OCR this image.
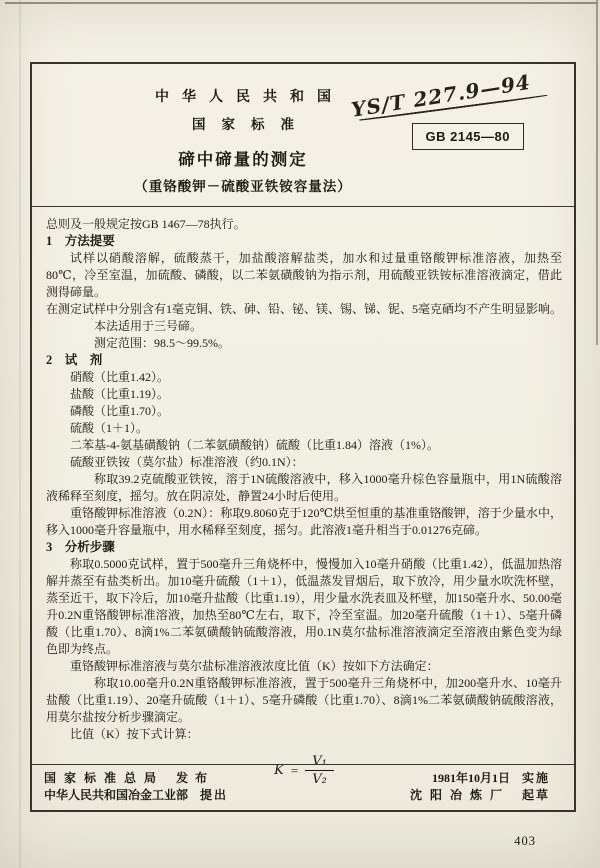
YS/T 227.9—94
GB 2145—80
中华人民共和国
国家标准
碲中碲量的测定
（重铬酸钾－硫酸亚铁铵容量法）

总则及一般规定按GB 1467—78执行。

1　方法提要

试样以硝酸溶解，硫酸蒸干，加盐酸溶解盐类，加水和过量重铬酸钾标准溶液，加热至80℃，冷至室温，加硫酸、磷酸，以二苯氨磺酸钠为指示剂，用硫酸亚铁铵标准溶液滴定，借此测得碲量。

在测定试样中分别含有1毫克铜、铁、砷、铅、铋、镁、锡、锑、铌、5毫克硒均不产生明显影响。

本法适用于三号碲。

测定范围：98.5～99.5%。

2　试　剂

硝酸（比重1.42）。

盐酸（比重1.19）。

磷酸（比重1.70）。

硫酸（1＋1）。

二苯基-4-氨基磺酸钠（二苯氨磺酸钠）硫酸（比重1.84）溶液（1%）。

硫酸亚铁铵（莫尔盐）标准溶液（约0.1N）：

称取39.2克硫酸亚铁铵，溶于1N硫酸溶液中，移入1000毫升棕色容量瓶中，用1N硫酸溶液稀释至刻度，摇匀。放在阴凉处，静置24小时后使用。

重铬酸钾标准溶液（0.2N）：称取9.8060克于120℃烘至恒重的基准重铬酸钾，溶于少量水中，移入1000毫升容量瓶中，用水稀释至刻度，摇匀。此溶液1毫升相当于0.01276克碲。

3　分析步骤

称取0.5000克试样，置于500毫升三角烧杯中，慢慢加入10毫升硝酸（比重1.42），低温加热溶解并蒸至有盐类析出。加10毫升硫酸（1＋1），低温蒸发冒烟后，取下放冷，用少量水吹洗杯壁，蒸至近干，取下冷后，加10毫升盐酸（比重1.19），用少量水洗表皿及杯壁，加150毫升水、50.00毫升0.2N重铬酸钾标准溶液，加热至80℃左右，取下，冷至室温。加20毫升硫酸（1＋1）、5毫升磷酸（比重1.70）、8滴1%二苯氨磺酸钠硫酸溶液，用0.1N莫尔盐标准溶液滴定至溶液由紫色变为绿色即为终点。

重铬酸钾标准溶液与莫尔盐标准溶液浓度比值（K）按如下方法确定：

称取10.00毫升0.2N重铬酸钾标准溶液，置于500毫升三角烧杯中，加200毫升水、10毫升盐酸（比重1.19）、20毫升硫酸（1＋1）、5毫升磷酸（比重1.70）、8滴1%二苯氨磺酸钠硫酸溶液，用莫尔盐按分析步骤滴定。

比值（K）按下式计算：

$K = \frac{\text{V₁}}{\text{V₂}}$
国家标准总局 发布	1981年10月1日 实施
中华人民共和国冶金工业部 提出	沈阳冶炼厂 起草
403
